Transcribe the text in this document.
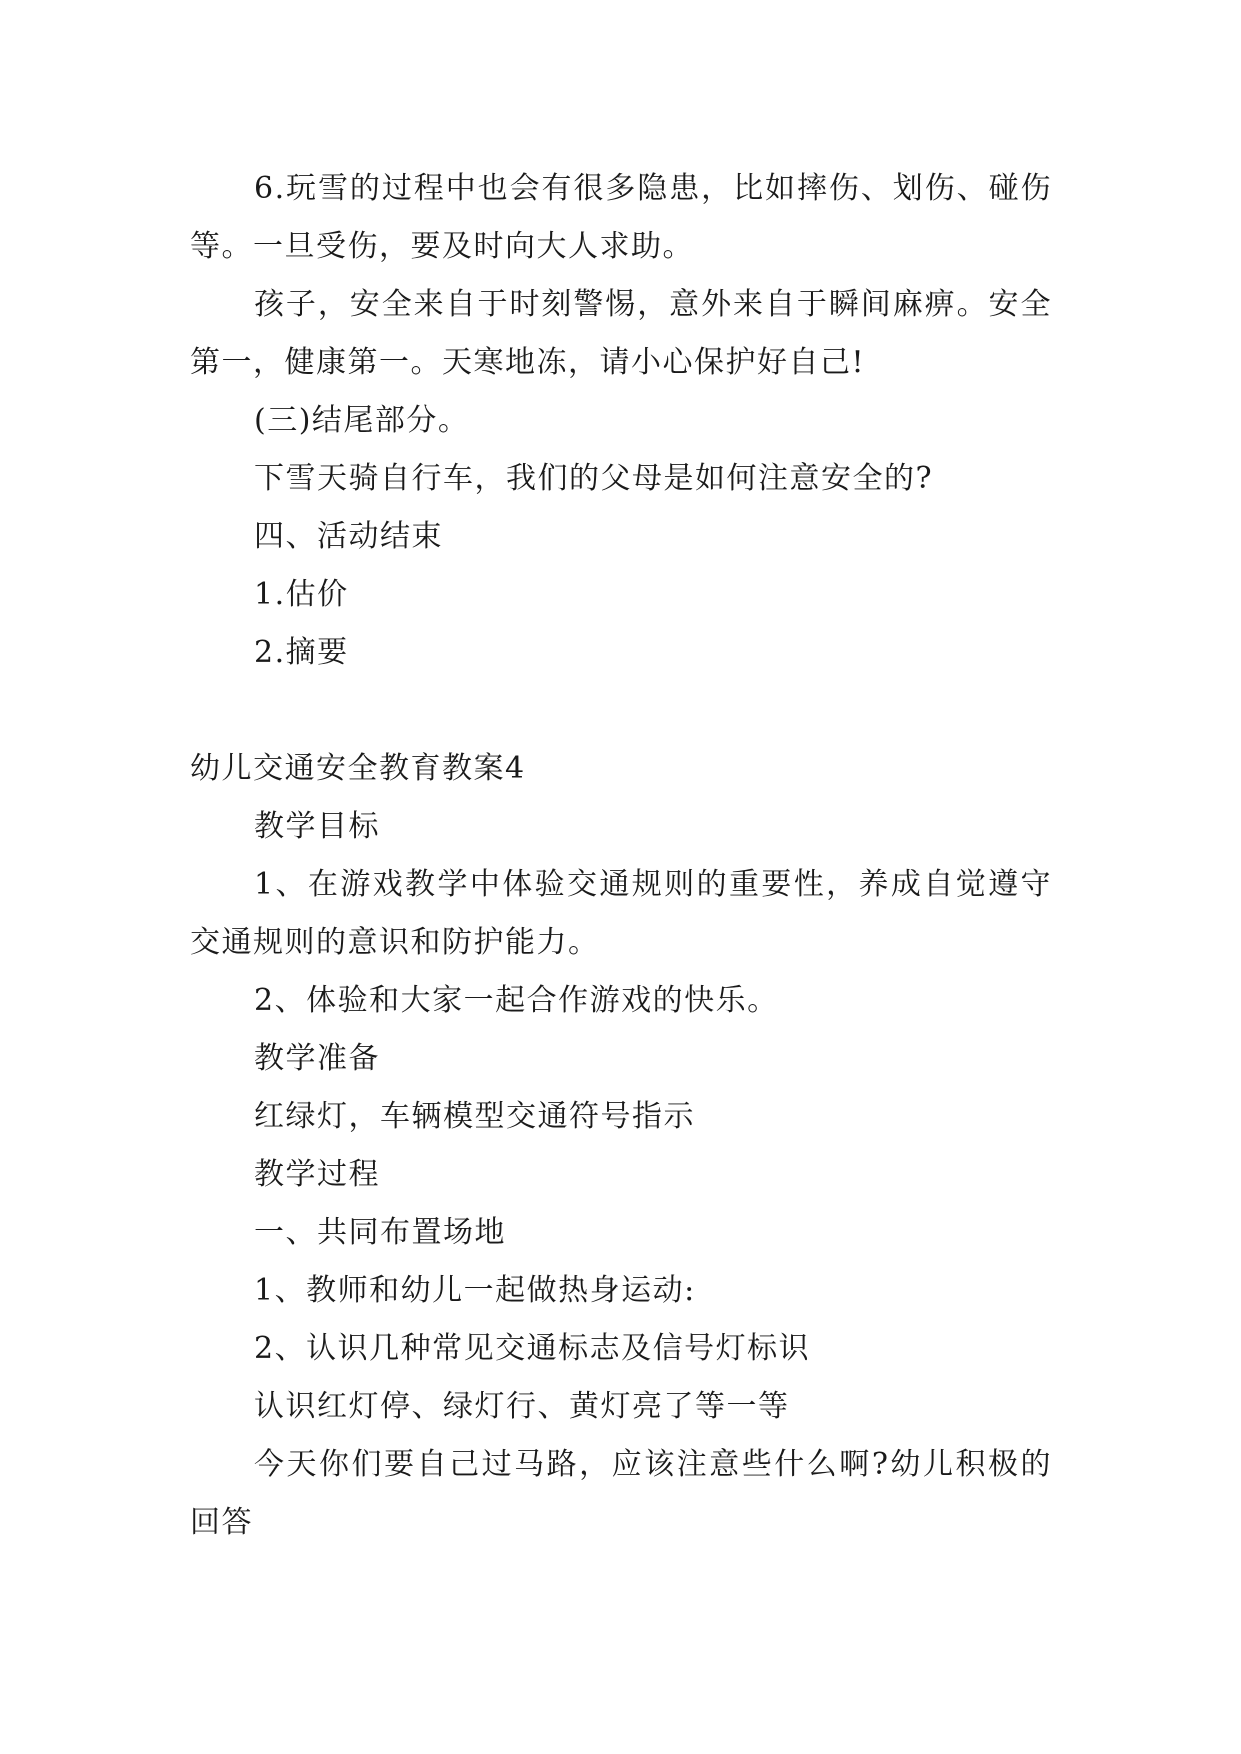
6.玩雪的过程中也会有很多隐患，比如摔伤、划伤、碰伤等。一旦受伤，要及时向大人求助。

孩子，安全来自于时刻警惕，意外来自于瞬间麻痹。安全第一，健康第一。天寒地冻，请小心保护好自己!

(三)结尾部分。

下雪天骑自行车，我们的父母是如何注意安全的?

四、活动结束

1.估价

2.摘要

幼儿交通安全教育教案4

教学目标

1、在游戏教学中体验交通规则的重要性，养成自觉遵守交通规则的意识和防护能力。

2、体验和大家一起合作游戏的快乐。

教学准备

红绿灯，车辆模型交通符号指示

教学过程

一、共同布置场地

1、教师和幼儿一起做热身运动:

2、认识几种常见交通标志及信号灯标识

认识红灯停、绿灯行、黄灯亮了等一等

今天你们要自己过马路，应该注意些什么啊?幼儿积极的回答
